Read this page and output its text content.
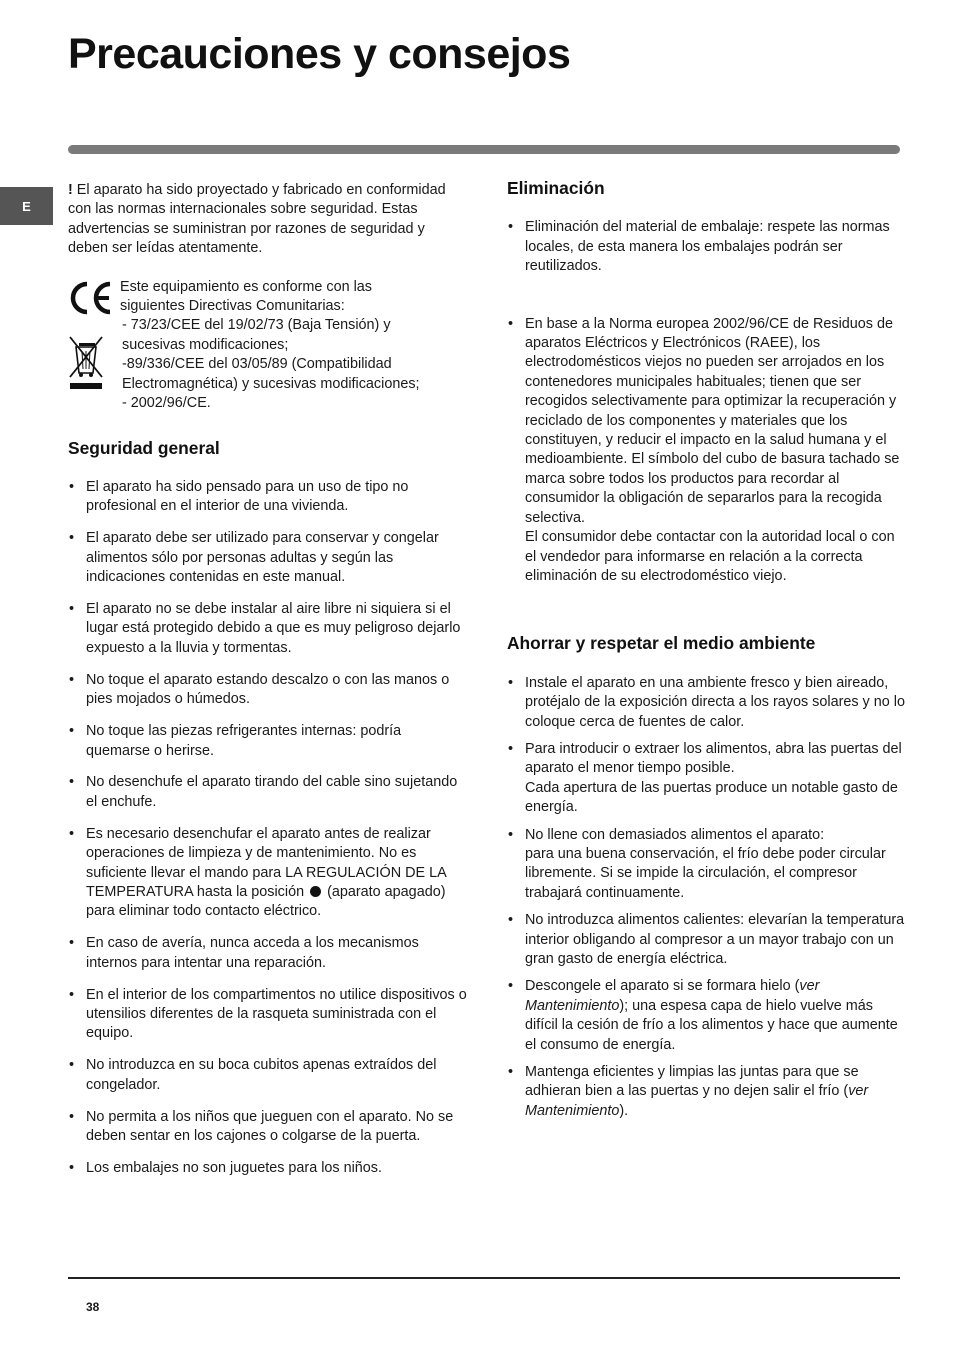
Precauciones y consejos
E

! El aparato ha sido proyectado y fabricado en conformidad con las normas internacionales sobre seguridad. Estas advertencias se suministran por razones de seguridad y deben ser leídas atentamente.

Este equipamiento es conforme con las
siguientes Directivas Comunitarias:
- 73/23/CEE del 19/02/73 (Baja Tensión) y
sucesivas modificaciones;
-89/336/CEE del 03/05/89 (Compatibilidad
Electromagnética) y sucesivas modificaciones;
- 2002/96/CE.
Seguridad general
• El aparato ha sido pensado para un uso de tipo no profesional en el interior de una vivienda.
• El aparato debe ser utilizado para conservar y congelar alimentos sólo por personas adultas y según las indicaciones contenidas en este manual.
• El aparato no se debe instalar al aire libre ni siquiera si el lugar está protegido debido a que es muy peligroso dejarlo expuesto a la lluvia y tormentas.
• No toque el aparato estando descalzo o con las manos o pies mojados o húmedos.
• No toque las piezas refrigerantes internas: podría quemarse o herirse.
• No desenchufe el aparato tirando del cable sino sujetando el enchufe.
• Es necesario desenchufar el aparato antes de realizar operaciones de limpieza y de mantenimiento. No es suficiente llevar el mando para LA REGULACIÓN DE LA TEMPERATURA hasta la posición  (aparato apagado) para eliminar todo contacto eléctrico.
• En caso de avería, nunca acceda a los mecanismos internos para intentar una reparación.
• En el interior de los compartimentos no utilice dispositivos o utensilios diferentes de la rasqueta suministrada con el equipo.
• No introduzca en su boca cubitos apenas extraídos del congelador.
• No permita a los niños que jueguen con el aparato. No se deben sentar en los cajones o colgarse de la puerta.
• Los embalajes no son juguetes para los niños.
Eliminación
• Eliminación del material de embalaje: respete las normas locales, de esta manera los embalajes podrán ser reutilizados.
• En base a la Norma europea 2002/96/CE de Residuos de aparatos Eléctricos y Electrónicos (RAEE), los electrodomésticos viejos no pueden ser arrojados en los contenedores municipales habituales; tienen que ser recogidos selectivamente para optimizar la recuperación y reciclado de los componentes y materiales que los constituyen, y reducir el impacto en la salud humana y el medioambiente. El símbolo del cubo de basura tachado se marca sobre todos los productos para recordar al consumidor la obligación de separarlos para la recogida selectiva.
El consumidor debe contactar con la autoridad local o con el vendedor para informarse en relación a la correcta eliminación de su electrodoméstico viejo.
Ahorrar y respetar el medio ambiente
• Instale el aparato en una ambiente fresco y bien aireado, protéjalo de la exposición directa a los rayos solares y no lo coloque cerca de fuentes de calor.
• Para introducir o extraer los alimentos, abra las puertas del aparato el menor tiempo posible.
Cada apertura de las puertas produce un notable gasto de energía.
• No llene con demasiados alimentos el aparato:
para una buena conservación, el frío debe poder circular libremente. Si se impide la circulación, el compresor trabajará continuamente.
• No introduzca alimentos calientes: elevarían la temperatura interior obligando al compresor a un mayor trabajo con un gran gasto de energía eléctrica.
• Descongele el aparato si se formara hielo (ver Mantenimiento); una espesa capa de hielo vuelve más difícil la cesión de frío a los alimentos y hace que aumente el consumo de energía.
• Mantenga eficientes y limpias las juntas para que se adhieran bien a las puertas y no dejen salir el frío (ver Mantenimiento).
38
